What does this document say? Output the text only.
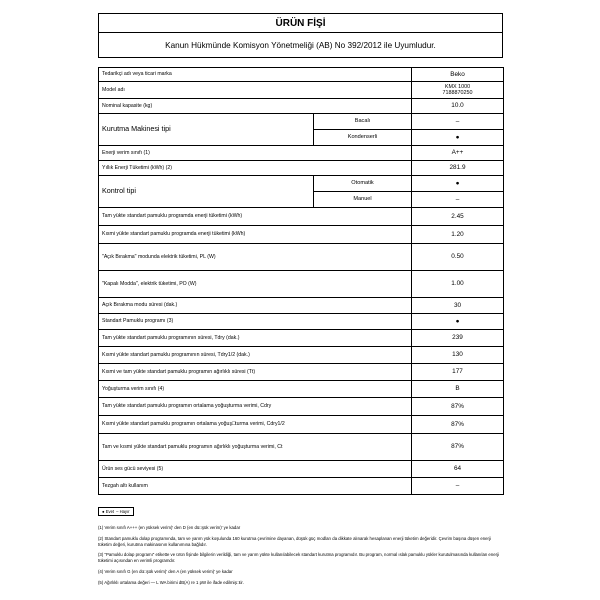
ÜRÜN FİŞİ
Kanun Hükmünde Komisyon Yönetmeliği (AB) No 392/2012 ile Uyumludur.
Tedarikçi adı veya ticari marka		Beko
Model adı		KMX 1000
7188870250

Nominal kapasite (kg)		10.0
Kurutma Makinesi tipi	Bacalı	–
	Kondenserli	●
Enerji verim sınıfı (1)		A++
Yıllık Enerji Tüketimi (kWh) (2)		281.9
Kontrol tipi	Otomatik	●
	Manuel	–
Tam yükte standart pamuklu programda enerji tüketimi (kWh)		2.45
Kısmi yükte standart pamuklu programda enerji tüketimi (kWh)		1.20
"Açık Bırakma" modunda elektrik tüketimi, PL (W)		0.50
"Kapalı Modda", elektrik tüketimi, PO (W)		1.00
Açık Bırakma modu süresi (dak.)		30
Standart Pamuklu programı (3)		●
Tam yükte standart pamuklu programının süresi, Tdry (dak.)		239
Kısmi yükte standart pamuklu programının süresi, Tdry1/2 (dak.)		130
Kısmi ve tam yükte standart pamuklu programın ağırlıklı süresi (Tt)		177
Yoğuşturma verim sınıfı (4)		B
Tam yükte standart pamuklu programın ortalama yoğuşturma verimi, Cdry		87%
Kısmi yükte standart pamuklu programın ortalama yoğuş□turma verimi, Cdry1/2		87%
Tam ve kısmi yükte standart pamuklu programın ağırlıklı yoğuşturma verimi, Ct		87%
Ürün ses gücü seviyesi (5)		64
Tezgah altı kullanım		–
● Evet – Hayır

(1) Verim sınıfı A+++ (en yüksek verim)' den D (en dü□şük verim)' ye kadar

(2) Standart pamuklu dolap programında, tam ve yarım yük koşulunda 160 kurutma çevrimine dayanan, düşük güç modları da dikkate alınarak hesaplanan enerji tüketim değeridir. Çevrim başına düşen enerji tüketim değeri, kurutma makinasının kullanımına bağlıdır.

(3) "Pamuklu dolap programı" etikette ve ürün fişinde bilgilerin verildiği, tam ve yarım yükte kullanılabilecek standart kurutma programıdır. Bu program, normal ıslak pamuklu yükler kurutulmasında kullanılan enerji tüketimi açısından en verimli programdır.

(4) Verim sınıfı G (en dü□şük verim)' den A (en yüksek verim)' ye kadar

(5) Ağırlıklı ortalama değeri — L WA birimi dB(A) re 1 pW ile ifade edilmiş□tir.
